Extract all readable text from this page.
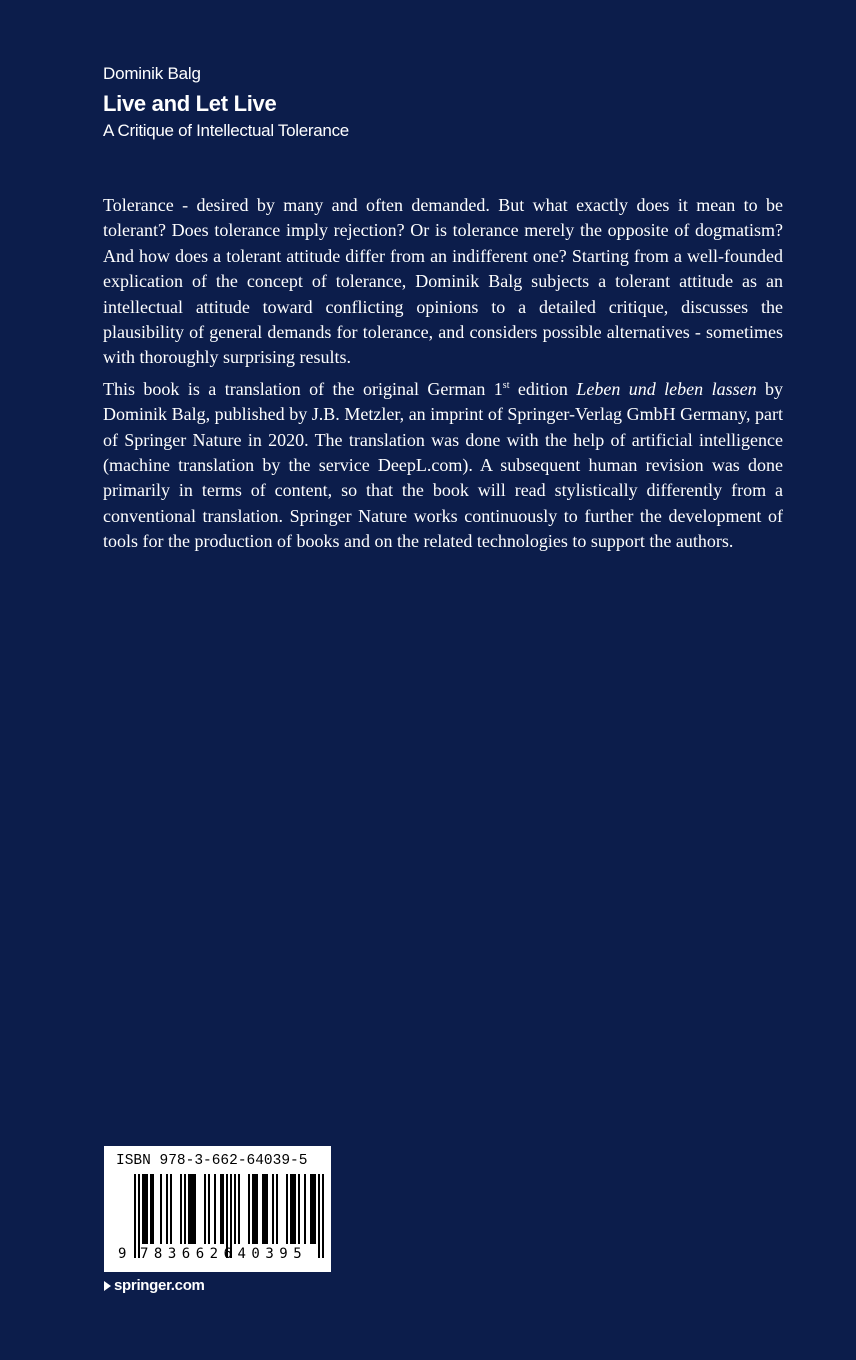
Dominik Balg
Live and Let Live
A Critique of Intellectual Tolerance

Tolerance - desired by many and often demanded. But what exactly does it mean to be tolerant? Does tolerance imply rejection? Or is tolerance merely the opposite of dogmatism? And how does a tolerant attitude differ from an indifferent one? Starting from a well-founded explication of the concept of tolerance, Dominik Balg subjects a tolerant attitude as an intellectual attitude toward conflicting opinions to a detailed critique, discusses the plausibility of general demands for tolerance, and considers possible alternatives - sometimes with thoroughly surprising results.

This book is a translation of the original German 1st edition Leben und leben lassen by Dominik Balg, published by J.B. Metzler, an imprint of Springer-Verlag GmbH Germany, part of Springer Nature in 2020. The translation was done with the help of artificial intelligence (machine translation by the service DeepL.com). A subsequent human revision was done primarily in terms of content, so that the book will read stylistically differently from a conventional translation. Springer Nature works continuously to further the development of tools for the production of books and on the related technologies to support the authors.

ISBN 978-3-662-64039-5
9 783662640395
springer.com
